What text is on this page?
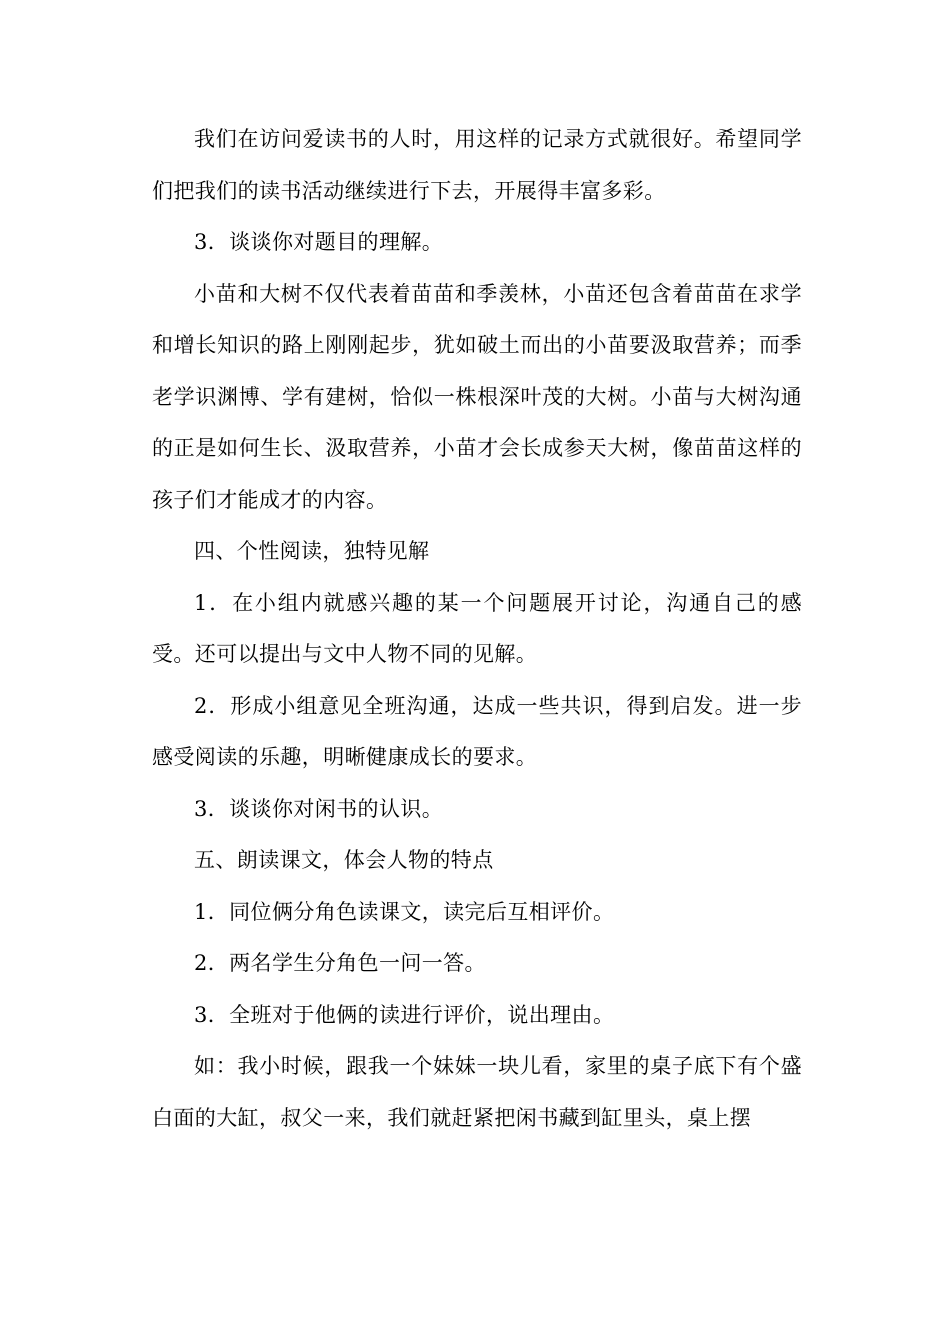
我们在访问爱读书的人时，用这样的记录方式就很好。希望同学们把我们的读书活动继续进行下去，开展得丰富多彩。

3．谈谈你对题目的理解。

小苗和大树不仅代表着苗苗和季羡林，小苗还包含着苗苗在求学和增长知识的路上刚刚起步，犹如破土而出的小苗要汲取营养；而季老学识渊博、学有建树，恰似一株根深叶茂的大树。小苗与大树沟通的正是如何生长、汲取营养，小苗才会长成参天大树，像苗苗这样的孩子们才能成才的内容。

四、个性阅读，独特见解

1．在小组内就感兴趣的某一个问题展开讨论，沟通自己的感受。还可以提出与文中人物不同的见解。

2．形成小组意见全班沟通，达成一些共识，得到启发。进一步感受阅读的乐趣，明晰健康成长的要求。

3．谈谈你对闲书的认识。

五、朗读课文，体会人物的特点

1．同位俩分角色读课文，读完后互相评价。

2．两名学生分角色一问一答。

3．全班对于他俩的读进行评价，说出理由。

如：我小时候，跟我一个妹妹一块儿看，家里的桌子底下有个盛白面的大缸，叔父一来，我们就赶紧把闲书藏到缸里头，桌上摆
